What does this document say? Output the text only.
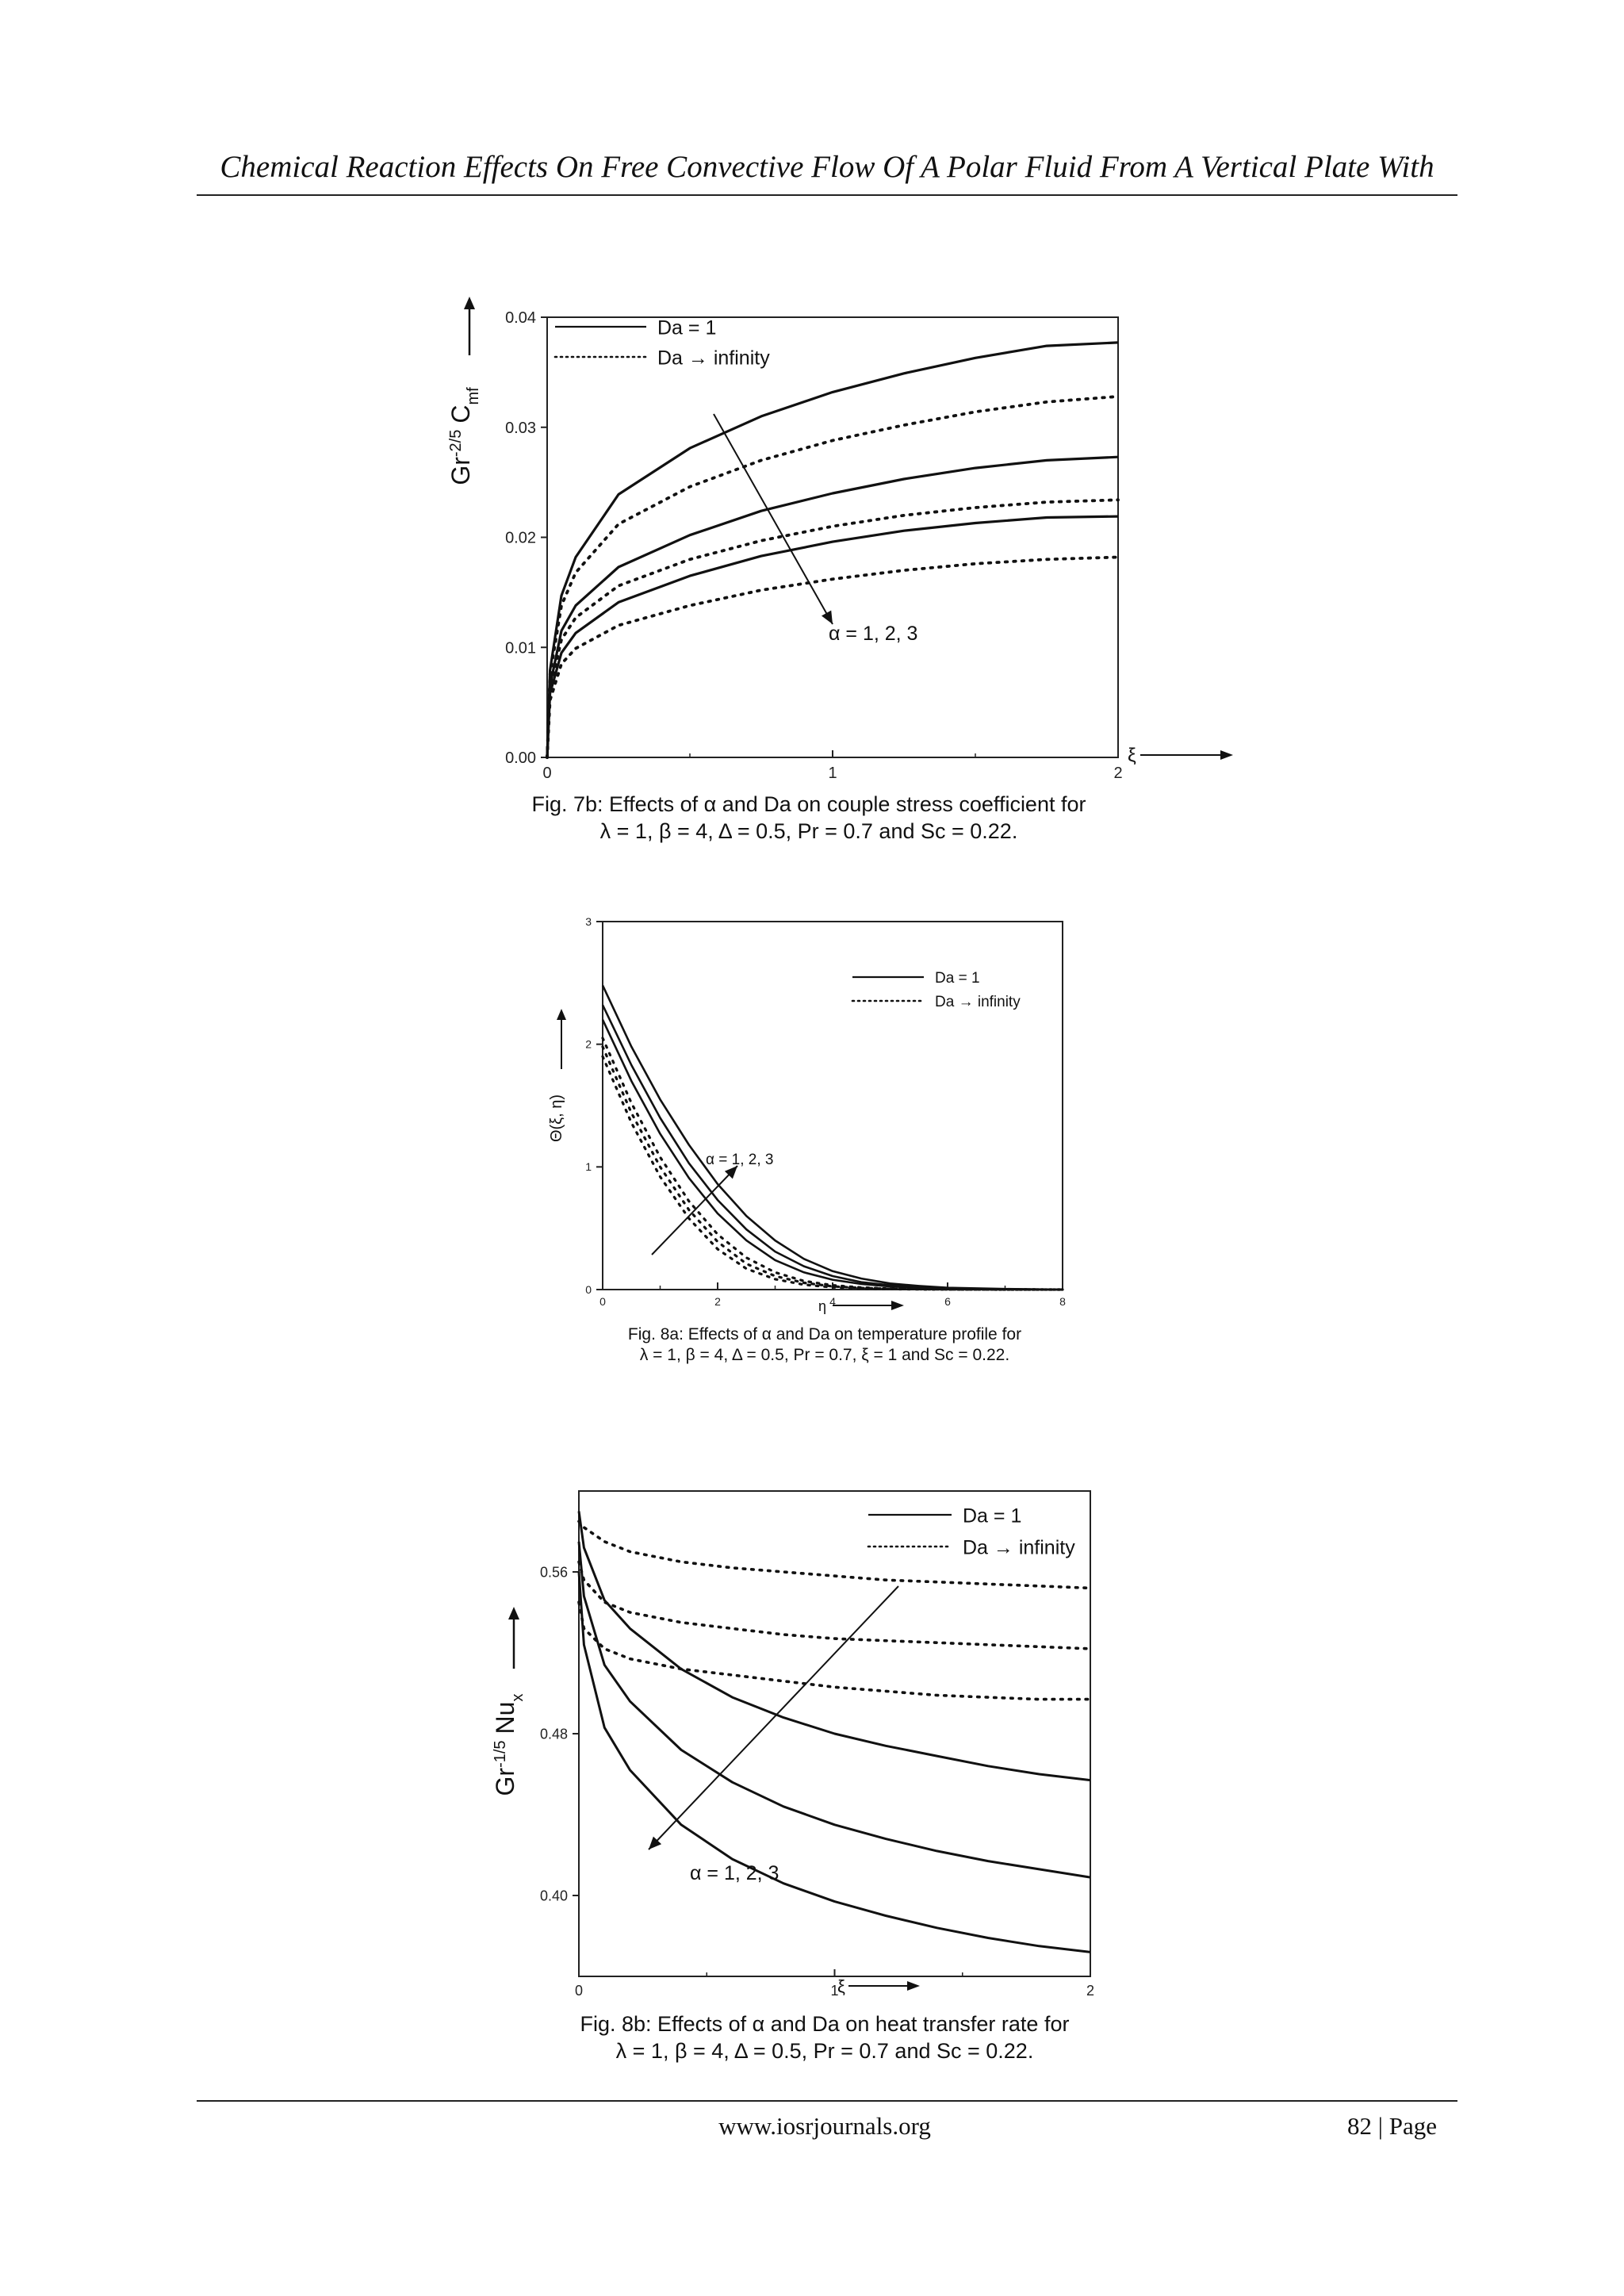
Chemical Reaction Effects On Free Convective Flow Of A Polar Fluid From A Vertical Plate With
$Gr^{-2/5}C_{mf}$
0	1	2
0.00
0.01
0.02
0.03
0.04	Da = 1
Da → infinity
α = 1, 2, 3
ξ
Fig. 7b: Effects of α and Da on couple stress coefficient for
λ = 1, β = 4, Δ = 0.5, Pr = 0.7 and Sc = 0.22.
Θ(ξ, η)
0	2	4	6	8
0
1
2
3
Da = 1
Da → infinity
α = 1, 2, 3
η
Fig. 8a: Effects of α and Da on temperature profile for
λ = 1, β = 4, Δ = 0.5, Pr = 0.7, ξ = 1 and Sc = 0.22.
$Gr^{-1/5}Nu_x$
0	1	2
0.40
0.48
0.56
Da = 1
Da → infinity
α = 1, 2, 3
ξ
Fig. 8b: Effects of α and Da on heat transfer rate for
λ = 1, β = 4, Δ = 0.5, Pr = 0.7 and Sc = 0.22.
www.iosrjournals.org	82 | Page
